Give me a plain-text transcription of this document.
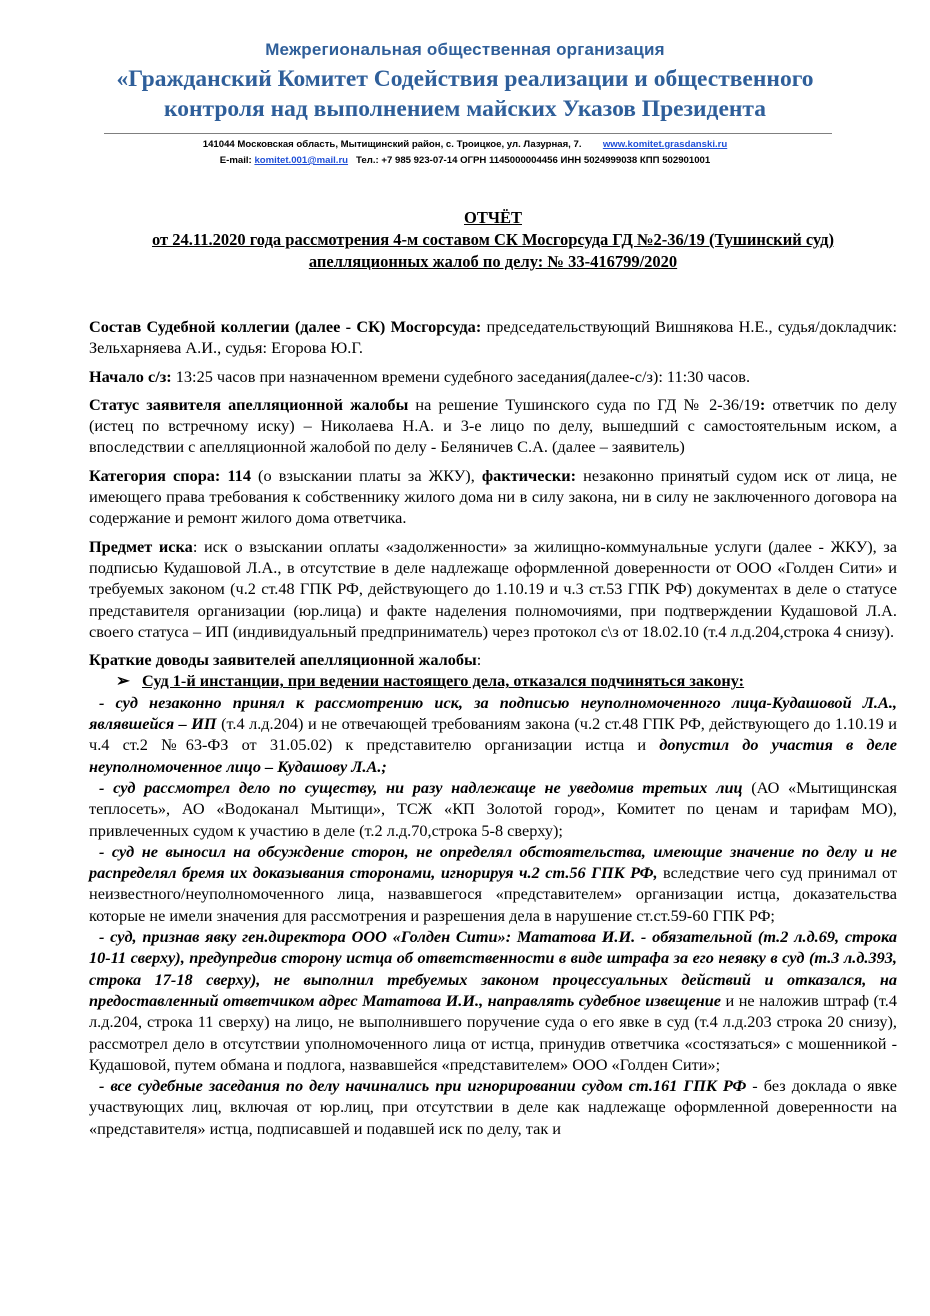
Межрегиональная общественная организация
«Гражданский Комитет Содействия реализации и общественного
контроля над выполнением майских Указов Президента
141044 Московская область, Мытищинский район, с. Троицкое, ул. Лазурная, 7. www.komitet.grasdanski.ru
E-mail: komitet.001@mail.ru Тел.: +7 985 923-07-14 ОГРН 1145000004456 ИНН 5024999038 КПП 502901001
ОТЧЁТ
от 24.11.2020 года рассмотрения 4-м составом СК Мосгорсуда ГД №2-36/19 (Тушинский суд)
апелляционных жалоб по делу: № 33-416799/2020

Состав Судебной коллегии (далее - СК) Мосгорсуда: председательствующий Вишнякова Н.Е., судья/докладчик: Зельхарняева А.И., судья: Егорова Ю.Г.

Начало с/з: 13:25 часов при назначенном времени судебного заседания(далее-с/з): 11:30 часов.

Статус заявителя апелляционной жалобы на решение Тушинского суда по ГД № 2-36/19: ответчик по делу (истец по встречному иску) – Николаева Н.А. и 3-е лицо по делу, вышедший с самостоятельным иском, а впоследствии с апелляционной жалобой по делу - Беляничев С.А. (далее – заявитель)

Категория спора: 114 (о взыскании платы за ЖКУ), фактически: незаконно принятый судом иск от лица, не имеющего права требования к собственнику жилого дома ни в силу закона, ни в силу не заключенного договора на содержание и ремонт жилого дома ответчика.

Предмет иска: иск о взыскании оплаты «задолженности» за жилищно-коммунальные услуги (далее - ЖКУ), за подписью Кудашовой Л.А., в отсутствие в деле надлежаще оформленной доверенности от ООО «Голден Сити» и требуемых законом (ч.2 ст.48 ГПК РФ, действующего до 1.10.19 и ч.3 ст.53 ГПК РФ) документах в деле о статусе представителя организации (юр.лица) и факте наделения полномочиями, при подтверждении Кудашовой Л.А. своего статуса – ИП (индивидуальный предприниматель) через протокол с\з от 18.02.10 (т.4 л.д.204,строка 4 снизу).

Краткие доводы заявителей апелляционной жалобы:

➢ Суд 1-й инстанции, при ведении настоящего дела, отказался подчиняться закону:

- суд незаконно принял к рассмотрению иск, за подписью неуполномоченного лица-Кудашовой Л.А., являвшейся – ИП (т.4 л.д.204) и не отвечающей требованиям закона (ч.2 ст.48 ГПК РФ, действующего до 1.10.19 и ч.4 ст.2 №63-ФЗ от 31.05.02) к представителю организации истца и допустил до участия в деле неуполномоченное лицо – Кудашову Л.А.;

- суд рассмотрел дело по существу, ни разу надлежаще не уведомив третьих лиц (АО «Мытищинская теплосеть», АО «Водоканал Мытищи», ТСЖ «КП Золотой город», Комитет по ценам и тарифам МО), привлеченных судом к участию в деле (т.2 л.д.70,строка 5-8 сверху);

- суд не выносил на обсуждение сторон, не определял обстоятельства, имеющие значение по делу и не распределял бремя их доказывания сторонами, игнорируя ч.2 ст.56 ГПК РФ, вследствие чего суд принимал от неизвестного/неуполномоченного лица, назвавшегося «представителем» организации истца, доказательства которые не имели значения для рассмотрения и разрешения дела в нарушение ст.ст.59-60 ГПК РФ;

- суд, признав явку ген.директора ООО «Голден Сити»: Мататова И.И. - обязательной (т.2 л.д.69, строка 10-11 сверху), предупредив сторону истца об ответственности в виде штрафа за его неявку в суд (т.3 л.д.393, строка 17-18 сверху), не выполнил требуемых законом процессуальных действий и отказался, на предоставленный ответчиком адрес Мататова И.И., направлять судебное извещение и не наложив штраф (т.4 л.д.204, строка 11 сверху) на лицо, не выполнившего поручение суда о его явке в суд (т.4 л.д.203 строка 20 снизу), рассмотрел дело в отсутствии уполномоченного лица от истца, принудив ответчика «состязаться» с мошенникой - Кудашовой, путем обмана и подлога, назвавшейся «представителем» ООО «Голден Сити»;

- все судебные заседания по делу начинались при игнорировании судом ст.161 ГПК РФ - без доклада о явке участвующих лиц, включая от юр.лиц, при отсутствии в деле как надлежаще оформленной доверенности на «представителя» истца, подписавшей и подавшей иск по делу, так и
